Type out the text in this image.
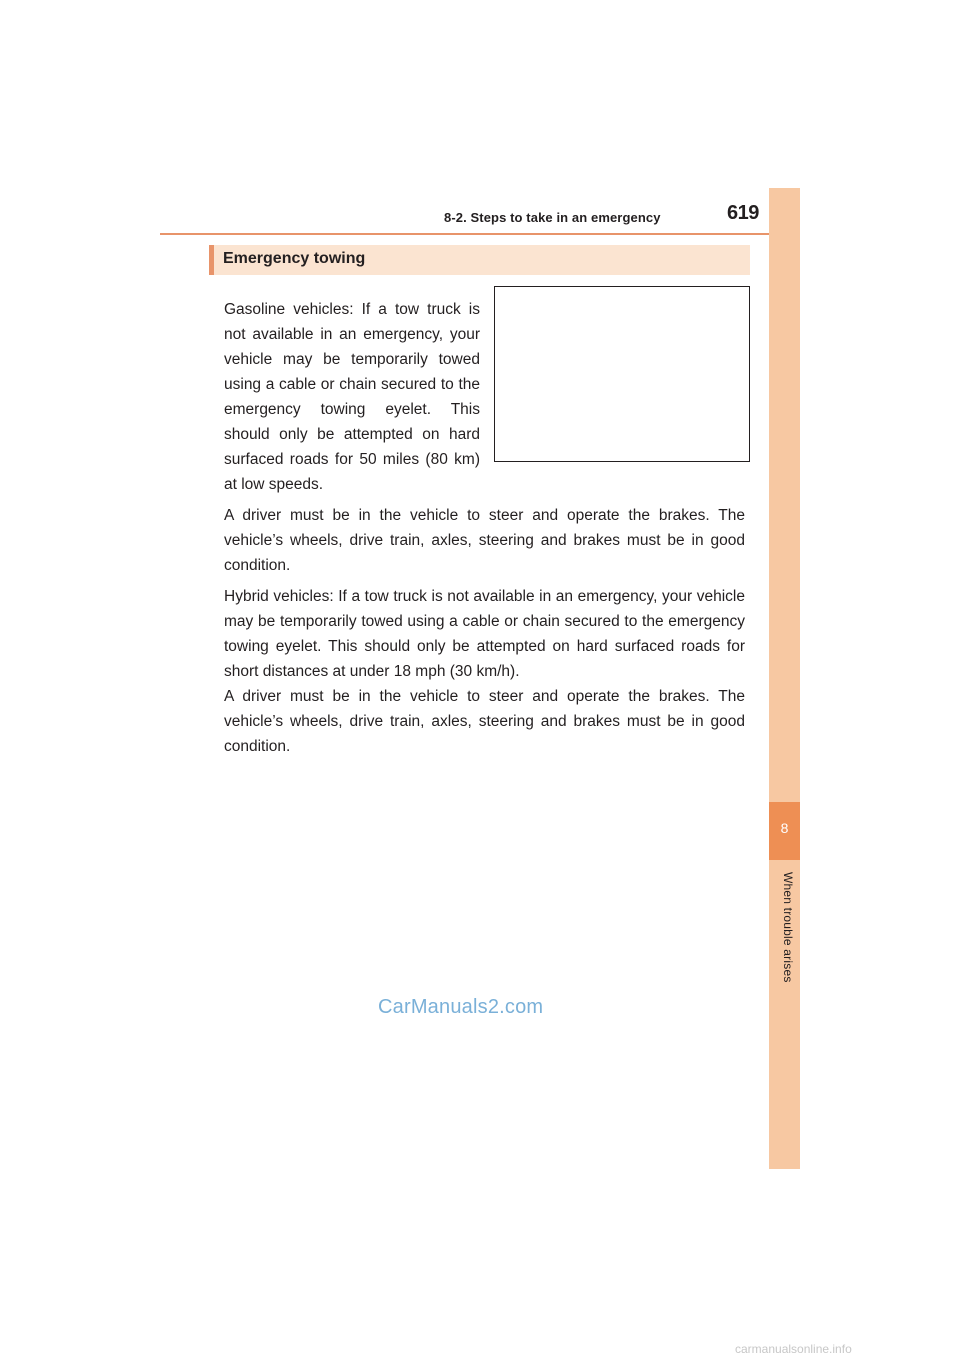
8-2. Steps to take in an emergency	619
8
When trouble arises
Emergency towing

Gasoline vehicles: If a tow truck is not available in an emergency, your vehicle may be temporarily towed using a cable or chain secured to the emergency towing eyelet. This should only be attempted on hard surfaced roads for 50 miles (80 km) at low speeds.

A driver must be in the vehicle to steer and operate the brakes. The vehicle’s wheels, drive train, axles, steering and brakes must be in good condition.

Hybrid vehicles: If a tow truck is not available in an emergency, your vehicle may be temporarily towed using a cable or chain secured to the emergency towing eyelet. This should only be attempted on hard surfaced roads for short distances at under 18 mph (30 km/h).

A driver must be in the vehicle to steer and operate the brakes. The vehicle’s wheels, drive train, axles, steering and brakes must be in good condition.

CarManuals2.com
carmanualsonline.info
